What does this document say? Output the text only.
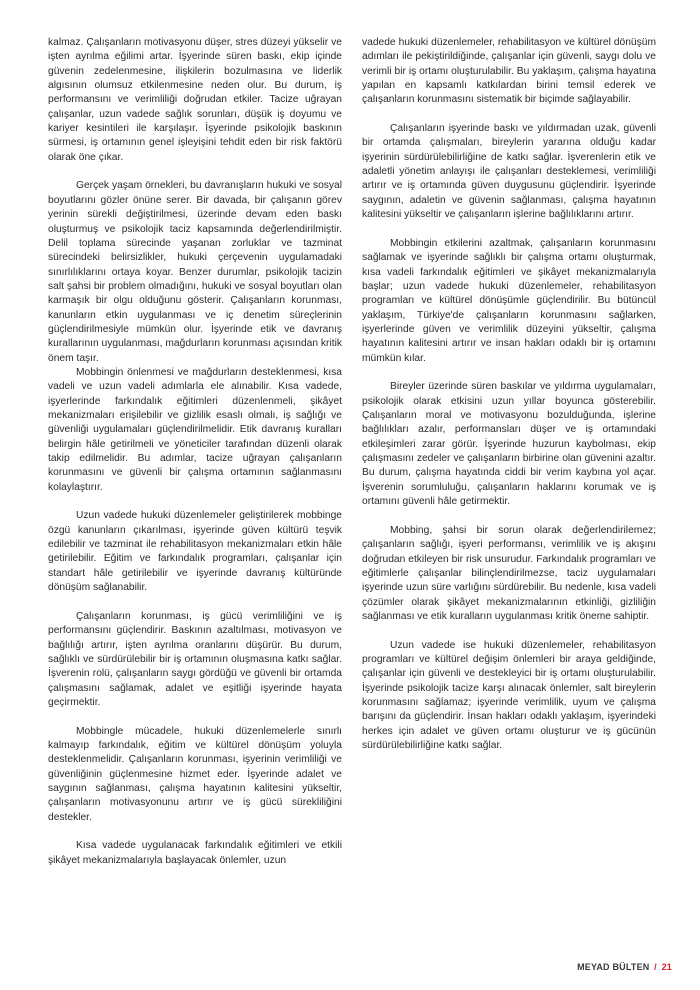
kalmaz. Çalışanların motivasyonu düşer, stres düzeyi yükselir ve işten ayrılma eğilimi artar. İşyerinde süren baskı, ekip içinde güvenin zedelenmesine, ilişkilerin bozulmasına ve liderlik algısının olumsuz etkilenmesine neden olur. Bu durum, iş performansını ve verimliliği doğrudan etkiler. Tacize uğrayan çalışanlar, uzun vadede sağlık sorunları, düşük iş doyumu ve kariyer kesintileri ile karşılaşır. İşyerinde psikolojik baskının sürmesi, iş ortamının genel işleyişini tehdit eden bir risk faktörü olarak öne çıkar.

Gerçek yaşam örnekleri, bu davranışların hukuki ve sosyal boyutlarını gözler önüne serer. Bir davada, bir çalışanın görev yerinin sürekli değiştirilmesi, üzerinde devam eden baskı oluşturmuş ve psikolojik taciz kapsamında değerlendirilmiştir. Delil toplama sürecinde yaşanan zorluklar ve tazminat sürecindeki belirsizlikler, hukuki çerçevenin uygulamadaki sınırlılıklarını ortaya koyar. Benzer durumlar, psikolojik tacizin salt şahsi bir problem olmadığını, hukuki ve sosyal boyutları olan karmaşık bir olgu olduğunu gösterir. Çalışanların korunması, kanunların etkin uygulanması ve iç denetim süreçlerinin güçlendirilmesiyle mümkün olur. İşyerinde etik ve davranış kurallarının uygulanması, mağdurların korunması açısından kritik önem taşır.

Mobbingin önlenmesi ve mağdurların desteklenmesi, kısa vadeli ve uzun vadeli adımlarla ele alınabilir. Kısa vadede, işyerlerinde farkındalık eğitimleri düzenlenmeli, şikâyet mekanizmaları erişilebilir ve gizlilik esaslı olmalı, iş sağlığı ve güvenliği uygulamaları güçlendirilmelidir. Etik davranış kuralları belirgin hâle getirilmeli ve yöneticiler tarafından düzenli olarak takip edilmelidir. Bu adımlar, tacize uğrayan çalışanların korunmasını ve güvenli bir çalışma ortamının sağlanmasını kolaylaştırır.

Uzun vadede hukuki düzenlemeler geliştirilerek mobbinge özgü kanunların çıkarılması, işyerinde güven kültürü teşvik edilebilir ve tazminat ile rehabilitasyon mekanizmaları etkin hâle getirilebilir. Eğitim ve farkındalık programları, çalışanlar için standart hâle getirilebilir ve işyerinde davranış kültüründe dönüşüm sağlanabilir.

Çalışanların korunması, iş gücü verimliliğini ve iş performansını güçlendirir. Baskının azaltılması, motivasyon ve bağlılığı artırır, işten ayrılma oranlarını düşürür. Bu durum, sağlıklı ve sürdürülebilir bir iş ortamının oluşmasına katkı sağlar. İşverenin rolü, çalışanların saygı gördüğü ve güvenli bir ortamda çalışmasını sağlamak, adalet ve eşitliği işyerinde hayata geçirmektir.

Mobbingle mücadele, hukuki düzenlemelerle sınırlı kalmayıp farkındalık, eğitim ve kültürel dönüşüm yoluyla desteklenmelidir. Çalışanların korunması, işyerinin verimliliği ve güvenliğinin güçlenmesine hizmet eder. İşyerinde adalet ve saygının sağlanması, çalışma hayatının kalitesini yükseltir, çalışanların motivasyonunu artırır ve iş gücü sürekliliğini destekler.

Kısa vadede uygulanacak farkındalık eğitimleri ve etkili şikâyet mekanizmalarıyla başlayacak önlemler, uzun

vadede hukuki düzenlemeler, rehabilitasyon ve kültürel dönüşüm adımları ile pekiştirildiğinde, çalışanlar için güvenli, saygı dolu ve verimli bir iş ortamı oluşturulabilir. Bu yaklaşım, çalışma hayatına yapılan en kapsamlı katkılardan birini temsil ederek ve çalışanların korunmasını sistematik bir biçimde sağlayabilir.

Çalışanların işyerinde baskı ve yıldırmadan uzak, güvenli bir ortamda çalışmaları, bireylerin yararına olduğu kadar işyerinin sürdürülebilirliğine de katkı sağlar. İşverenlerin etik ve adaletli yönetim anlayışı ile çalışanları desteklemesi, verimliliği artırır ve iş ortamında güven duygusunu güçlendirir. İşyerinde saygının, adaletin ve güvenin sağlanması, çalışma hayatının kalitesini yükseltir ve çalışanların işlerine bağlılıklarını artırır.

Mobbingin etkilerini azaltmak, çalışanların korunmasını sağlamak ve işyerinde sağlıklı bir çalışma ortamı oluşturmak, kısa vadeli farkındalık eğitimleri ve şikâyet mekanizmalarıyla başlar; uzun vadede hukuki düzenlemeler, rehabilitasyon programları ve kültürel dönüşümle güçlendirilir. Bu bütüncül yaklaşım, Türkiye'de çalışanların korunmasını sağlarken, işyerlerinde güven ve verimlilik düzeyini yükseltir, çalışma hayatının kalitesini artırır ve insan hakları odaklı bir iş ortamını mümkün kılar.

Bireyler üzerinde süren baskılar ve yıldırma uygulamaları, psikolojik olarak etkisini uzun yıllar boyunca gösterebilir. Çalışanların moral ve motivasyonu bozulduğunda, işlerine bağlılıkları azalır, performansları düşer ve iş ortamındaki etkileşimleri zarar görür. İşyerinde huzurun kaybolması, ekip çalışmasını zedeler ve çalışanların birbirine olan güvenini azaltır. Bu durum, çalışma hayatında ciddi bir verim kaybına yol açar. İşverenin sorumluluğu, çalışanların haklarını korumak ve iş ortamını güvenli hâle getirmektir.

Mobbing, şahsi bir sorun olarak değerlendirilemez; çalışanların sağlığı, işyeri performansı, verimlilik ve iş akışını doğrudan etkileyen bir risk unsurudur. Farkındalık programları ve eğitimlerle çalışanlar bilinçlendirilmezse, taciz uygulamaları işyerinde uzun süre varlığını sürdürebilir. Bu nedenle, kısa vadeli çözümler olarak şikâyet mekanizmalarının etkinliği, gizliliğin sağlanması ve etik kuralların uygulanması kritik öneme sahiptir.

Uzun vadede ise hukuki düzenlemeler, rehabilitasyon programları ve kültürel değişim önlemleri bir araya geldiğinde, çalışanlar için güvenli ve destekleyici bir iş ortamı oluşturulabilir. İşyerinde psikolojik tacize karşı alınacak önlemler, salt bireylerin korunmasını sağlamaz; işyerinde verimlilik, uyum ve çalışma barışını da güçlendirir. İnsan hakları odaklı yaklaşım, işyerindeki herkes için adalet ve güven ortamı oluşturur ve iş gücünün sürdürülebilirliğine katkı sağlar.

MEYAD BÜLTEN / 21
